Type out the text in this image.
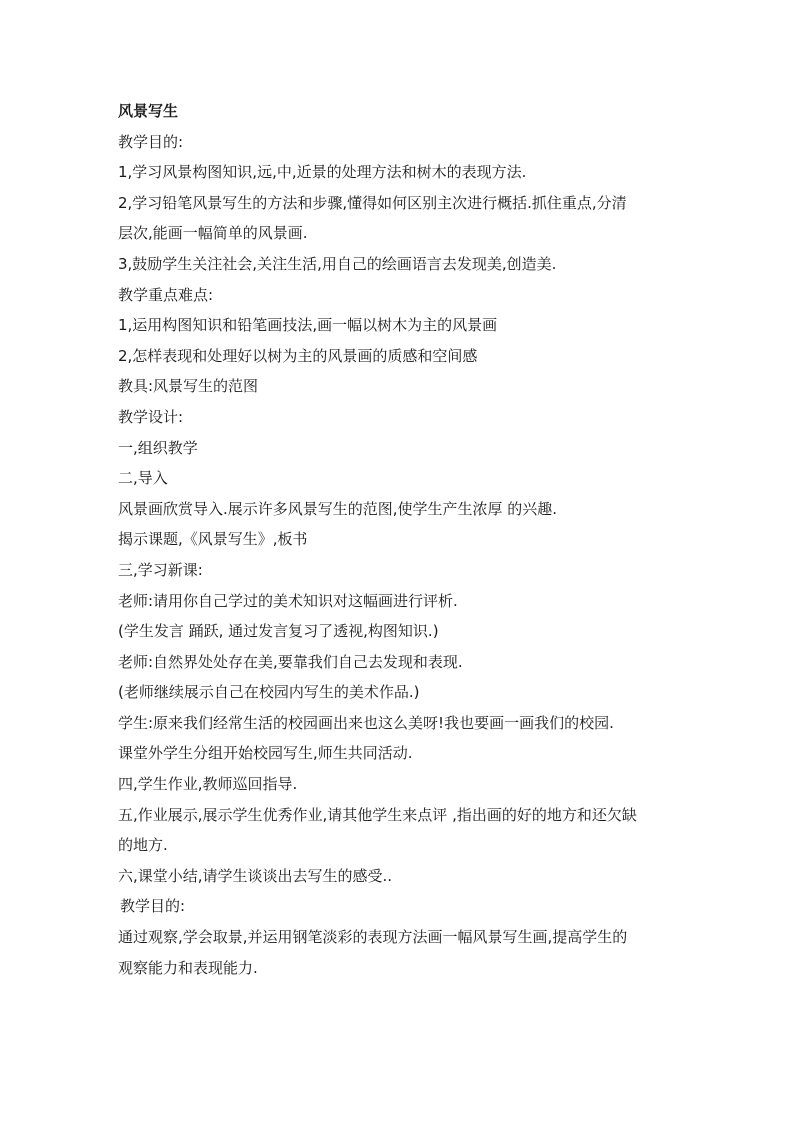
风景写生
教学目的:
1,学习风景构图知识,远,中,近景的处理方法和树木的表现方法.
2,学习铅笔风景写生的方法和步骤,懂得如何区别主次进行概括.抓住重点,分清
层次,能画一幅简单的风景画.
3,鼓励学生关注社会,关注生活,用自己的绘画语言去发现美,创造美.
教学重点难点:
1,运用构图知识和铅笔画技法,画一幅以树木为主的风景画
2,怎样表现和处理好以树为主的风景画的质感和空间感
教具:风景写生的范图
教学设计:
一,组织教学
二,导入
风景画欣赏导入.展示许多风景写生的范图,使学生产生浓厚 的兴趣.
揭示课题,《风景写生》,板书
三,学习新课:
老师:请用你自己学过的美术知识对这幅画进行评析.
(学生发言 踊跃, 通过发言复习了透视,构图知识.)
老师:自然界处处存在美,要靠我们自己去发现和表现.
(老师继续展示自己在校园内写生的美术作品.)
学生:原来我们经常生活的校园画出来也这么美呀!我也要画一画我们的校园.
课堂外学生分组开始校园写生,师生共同活动.
四,学生作业,教师巡回指导.
五,作业展示,展示学生优秀作业,请其他学生来点评 ,指出画的好的地方和还欠缺
的地方.
六,课堂小结,请学生谈谈出去写生的感受..
教学目的:
通过观察,学会取景,并运用钢笔淡彩的表现方法画一幅风景写生画,提高学生的
观察能力和表现能力.
